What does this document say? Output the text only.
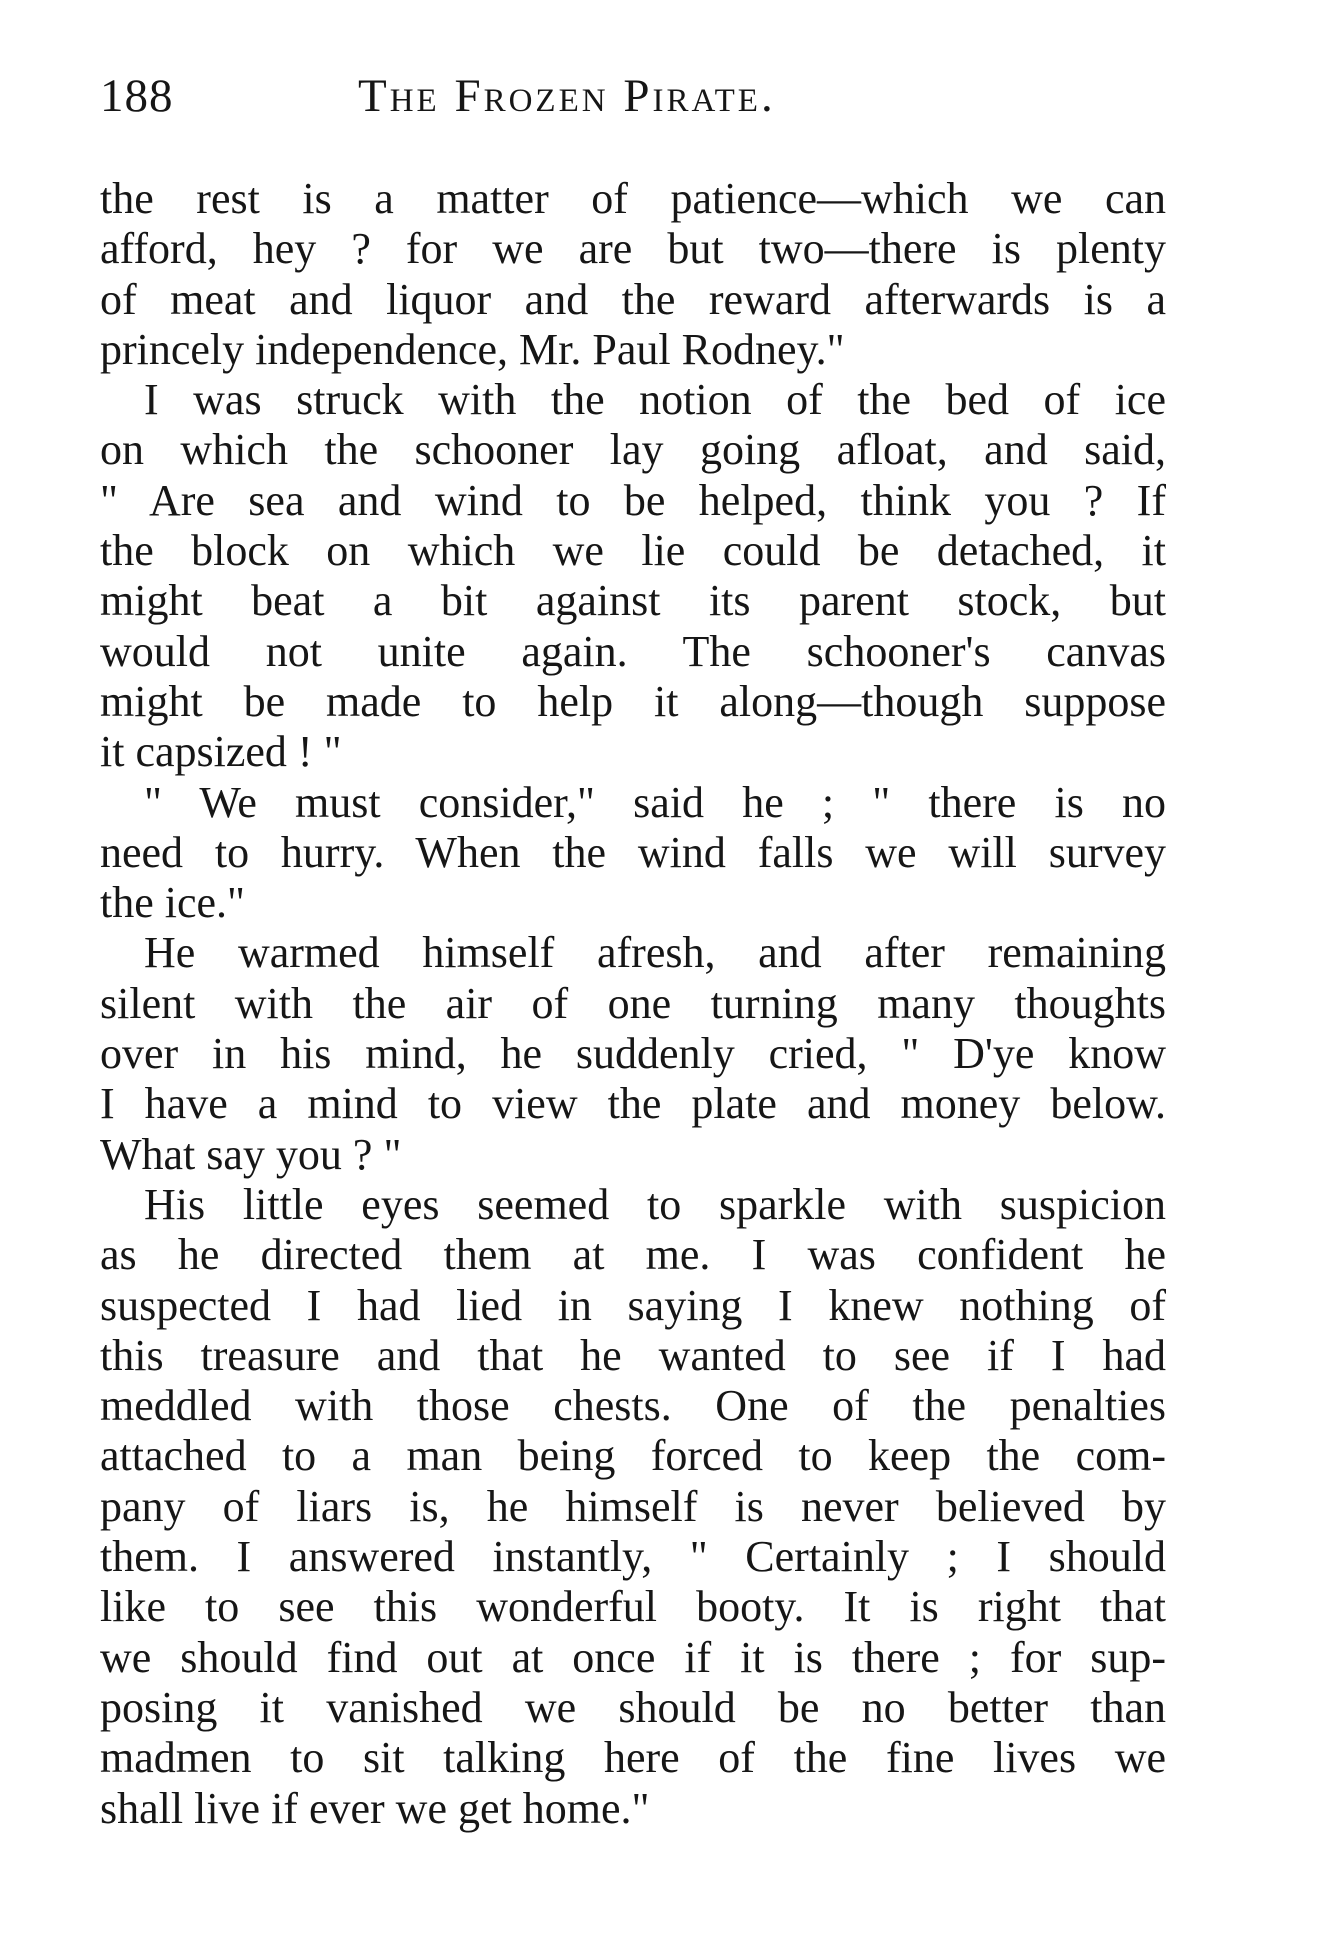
188	The Frozen Pirate.
the rest is a matter of patience—which we can
afford, hey ? for we are but two—there is plenty
of meat and liquor and the reward afterwards is a
princely independence, Mr. Paul Rodney."
I was struck with the notion of the bed of ice
on which the schooner lay going afloat, and said,
" Are sea and wind to be helped, think you ? If
the block on which we lie could be detached, it
might beat a bit against its parent stock, but
would not unite again. The schooner's canvas
might be made to help it along—though suppose
it capsized ! "
" We must consider," said he ; " there is no
need to hurry. When the wind falls we will survey
the ice."
He warmed himself afresh, and after remaining
silent with the air of one turning many thoughts
over in his mind, he suddenly cried, " D'ye know
I have a mind to view the plate and money below.
What say you ? "
His little eyes seemed to sparkle with suspicion
as he directed them at me. I was confident he
suspected I had lied in saying I knew nothing of
this treasure and that he wanted to see if I had
meddled with those chests. One of the penalties
attached to a man being forced to keep the com-
pany of liars is, he himself is never believed by
them. I answered instantly, " Certainly ; I should
like to see this wonderful booty. It is right that
we should find out at once if it is there ; for sup-
posing it vanished we should be no better than
madmen to sit talking here of the fine lives we
shall live if ever we get home."
